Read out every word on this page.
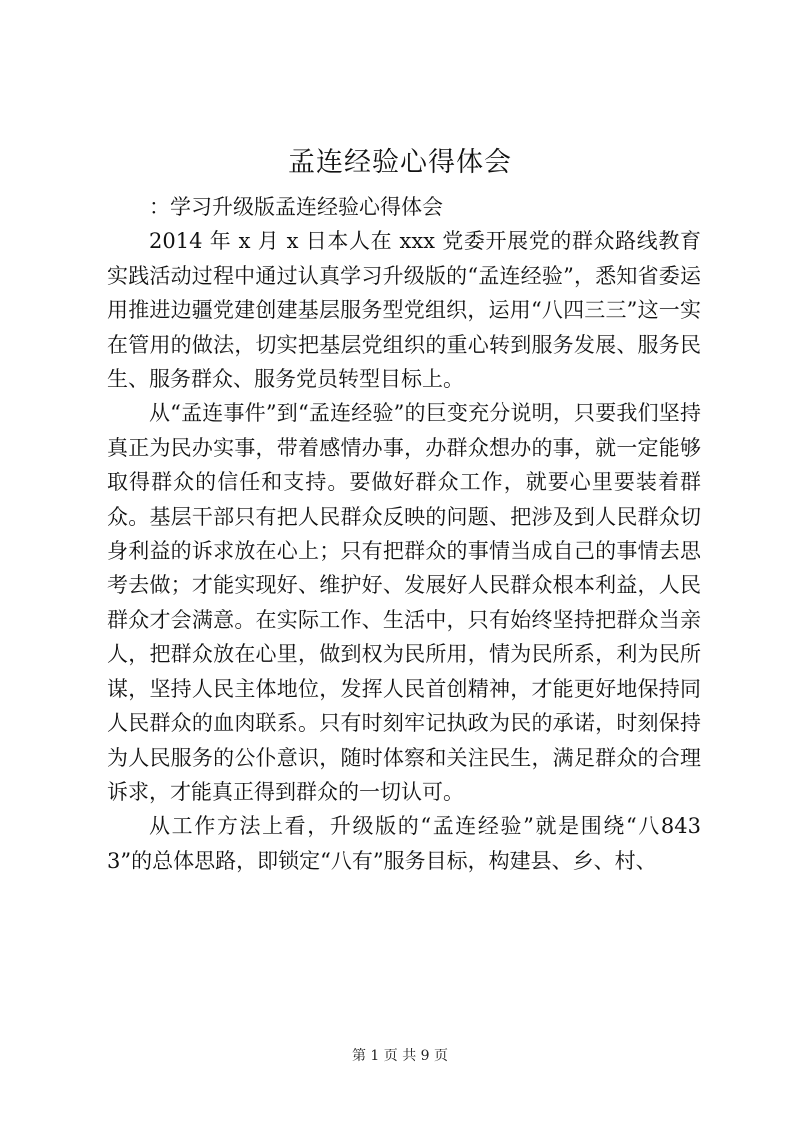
孟连经验心得体会

：学习升级版孟连经验心得体会

2014 年 x 月 x 日本人在 xxx 党委开展党的群众路线教育实践活动过程中通过认真学习升级版的“孟连经验”，悉知省委运用推进边疆党建创建基层服务型党组织，运用“八四三三”这一实在管用的做法，切实把基层党组织的重心转到服务发展、服务民生、服务群众、服务党员转型目标上。

从“孟连事件”到“孟连经验”的巨变充分说明，只要我们坚持真正为民办实事，带着感情办事，办群众想办的事，就一定能够取得群众的信任和支持。要做好群众工作，就要心里要装着群众。基层干部只有把人民群众反映的问题、把涉及到人民群众切身利益的诉求放在心上；只有把群众的事情当成自己的事情去思考去做；才能实现好、维护好、发展好人民群众根本利益，人民群众才会满意。在实际工作、生活中，只有始终坚持把群众当亲人，把群众放在心里，做到权为民所用，情为民所系，利为民所谋，坚持人民主体地位，发挥人民首创精神，才能更好地保持同人民群众的血肉联系。只有时刻牢记执政为民的承诺，时刻保持为人民服务的公仆意识，随时体察和关注民生，满足群众的合理诉求，才能真正得到群众的一切认可。

从工作方法上看，升级版的“孟连经验”就是围绕“八8433”的总体思路，即锁定“八有”服务目标，构建县、乡、村、

第 1 页 共 9 页
